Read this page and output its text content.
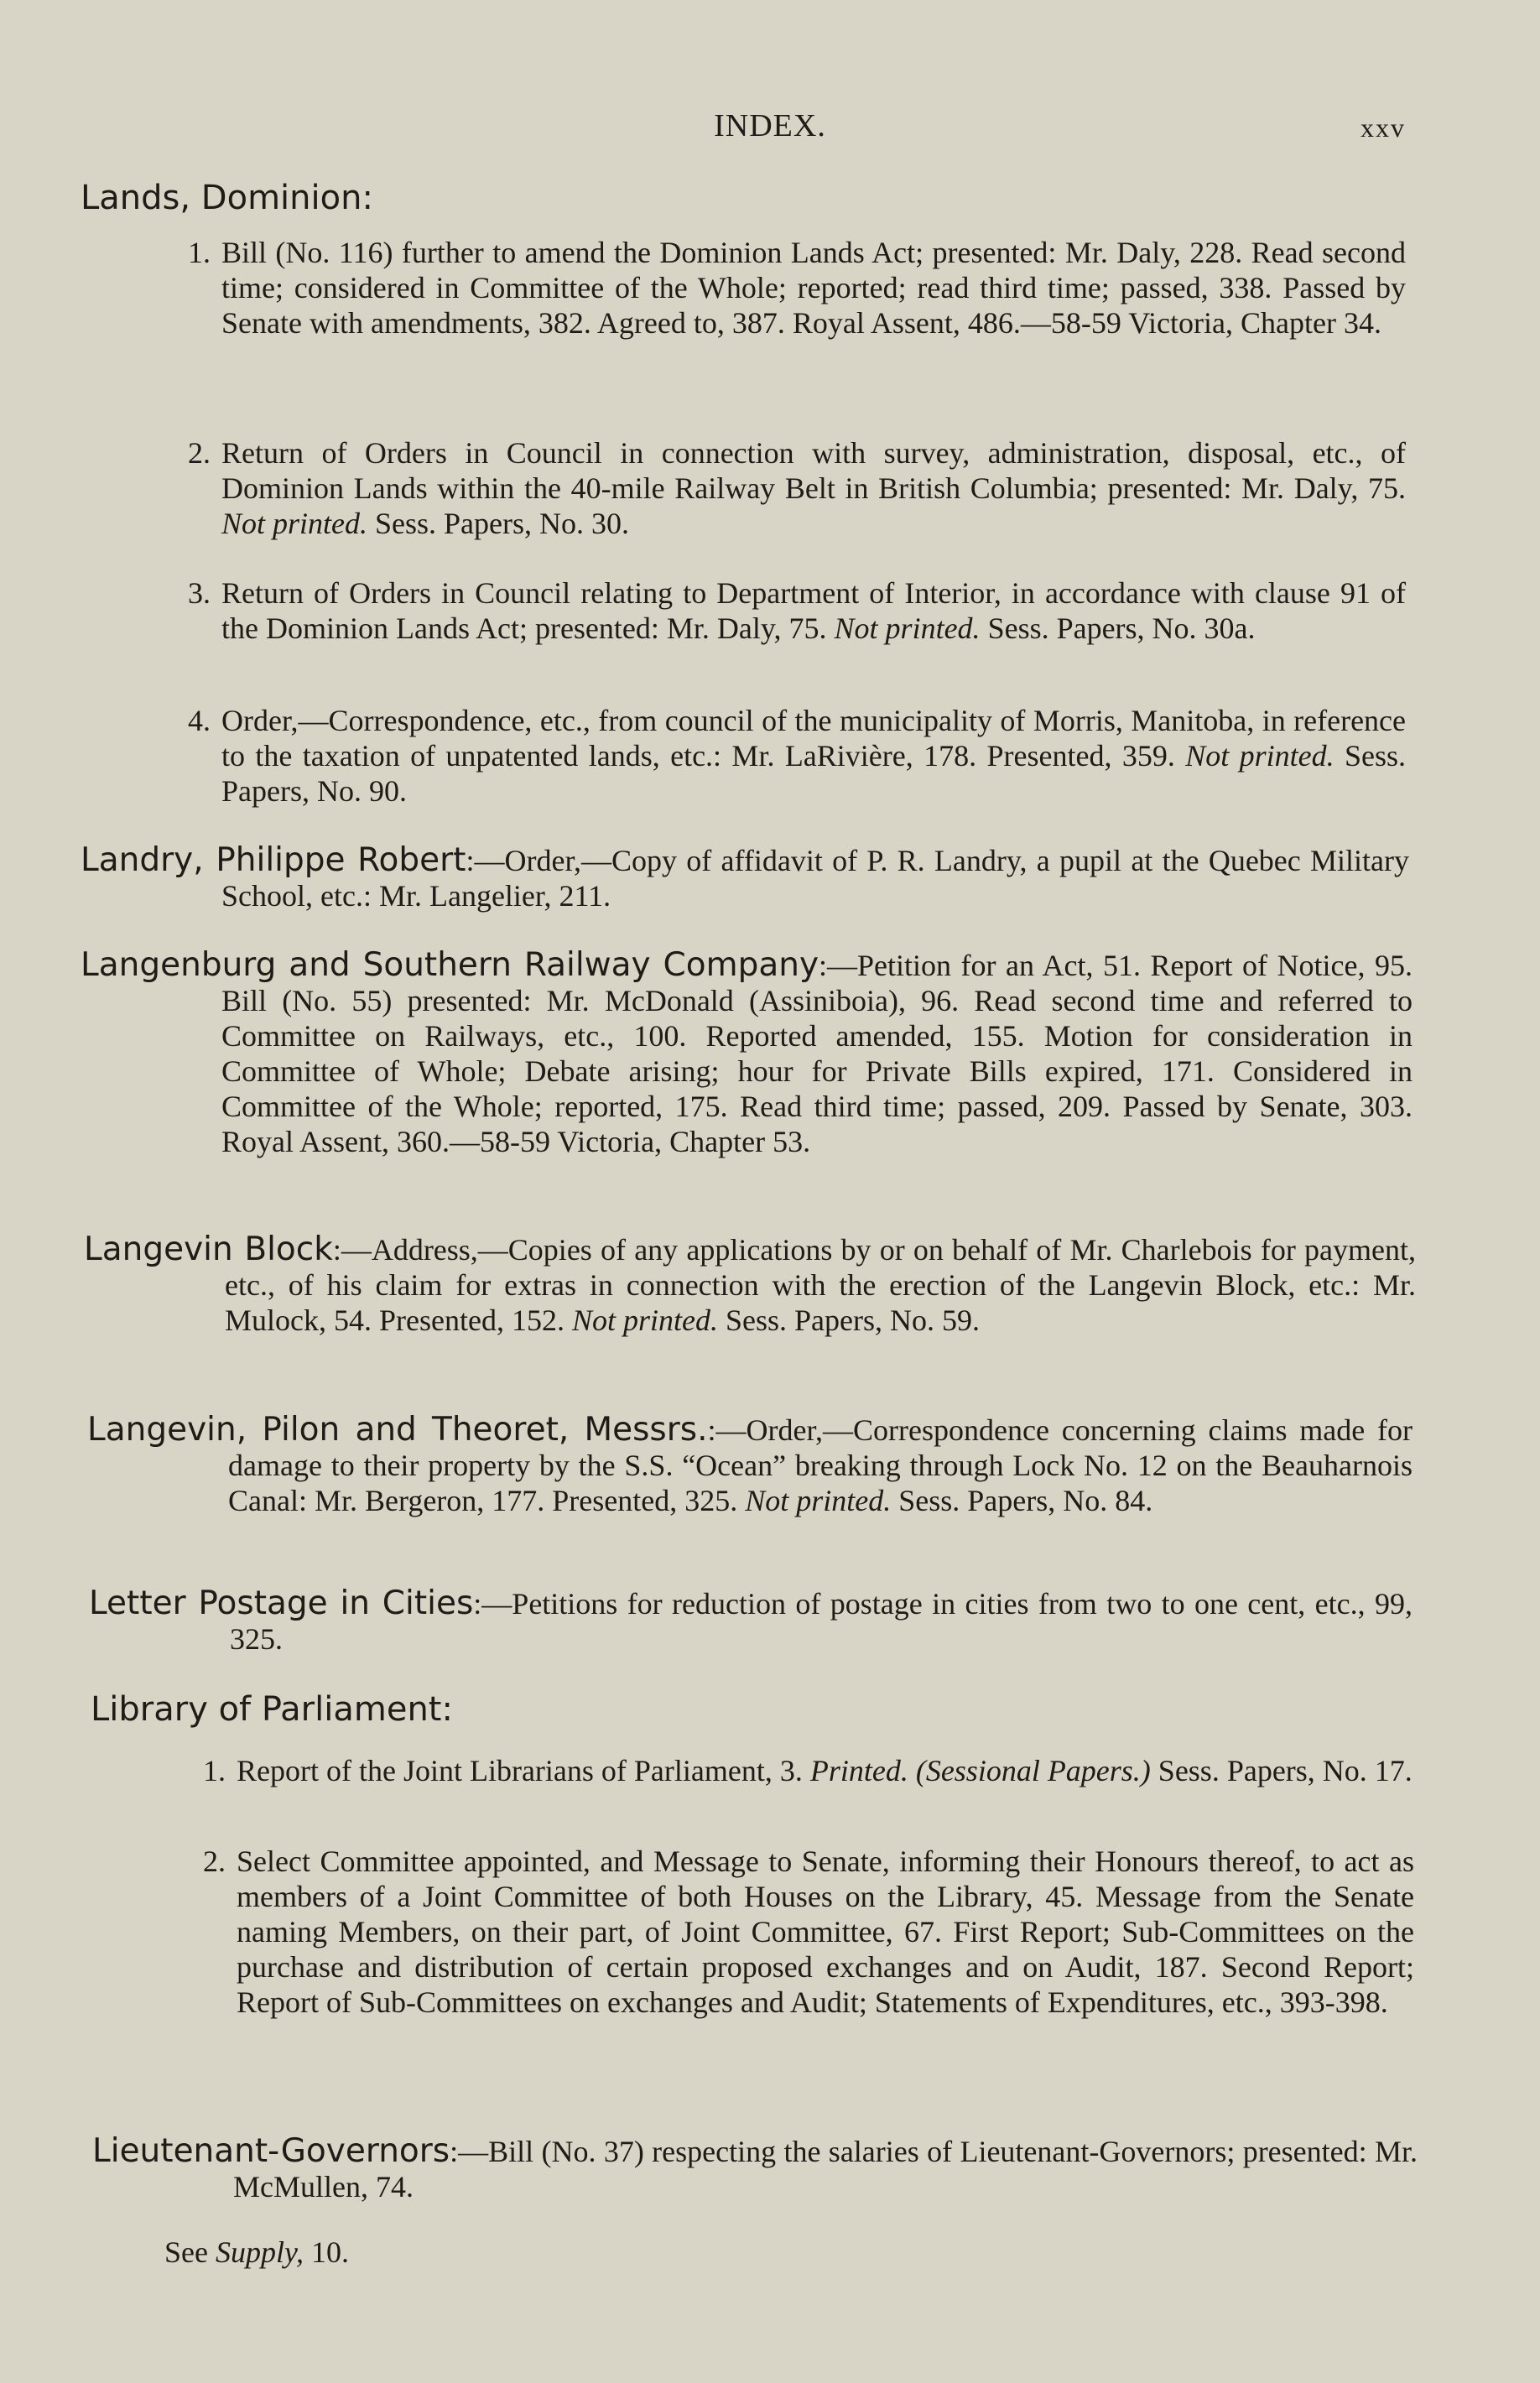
INDEX.	xxv
Lands, Dominion:
1. Bill (No. 116) further to amend the Dominion Lands Act; presented: Mr. Daly, 228. Read second time; considered in Committee of the Whole; reported; read third time; passed, 338. Passed by Senate with amendments, 382. Agreed to, 387. Royal Assent, 486.—58-59 Victoria, Chapter 34.
2. Return of Orders in Council in connection with survey, administration, disposal, etc., of Dominion Lands within the 40-mile Railway Belt in British Columbia; presented: Mr. Daly, 75. Not printed. Sess. Papers, No. 30.
3. Return of Orders in Council relating to Department of Interior, in accordance with clause 91 of the Dominion Lands Act; presented: Mr. Daly, 75. Not printed. Sess. Papers, No. 30a.
4. Order,—Correspondence, etc., from council of the municipality of Morris, Manitoba, in reference to the taxation of unpatented lands, etc.: Mr. LaRivière, 178. Presented, 359. Not printed. Sess. Papers, No. 90.
Landry, Philippe Robert:—Order,—Copy of affidavit of P. R. Landry, a pupil at the Quebec Military School, etc.: Mr. Langelier, 211.
Langenburg and Southern Railway Company:—Petition for an Act, 51. Report of Notice, 95. Bill (No. 55) presented: Mr. McDonald (Assiniboia), 96. Read second time and referred to Committee on Railways, etc., 100. Reported amended, 155. Motion for consideration in Committee of Whole; Debate arising; hour for Private Bills expired, 171. Considered in Committee of the Whole; reported, 175. Read third time; passed, 209. Passed by Senate, 303. Royal Assent, 360.—58-59 Victoria, Chapter 53.
Langevin Block:—Address,—Copies of any applications by or on behalf of Mr. Charlebois for payment, etc., of his claim for extras in connection with the erection of the Langevin Block, etc.: Mr. Mulock, 54. Presented, 152. Not printed. Sess. Papers, No. 59.
Langevin, Pilon and Theoret, Messrs.:—Order,—Correspondence concerning claims made for damage to their property by the S.S. “Ocean” breaking through Lock No. 12 on the Beauharnois Canal: Mr. Bergeron, 177. Presented, 325. Not printed. Sess. Papers, No. 84.
Letter Postage in Cities:—Petitions for reduction of postage in cities from two to one cent, etc., 99, 325.
Library of Parliament:
1. Report of the Joint Librarians of Parliament, 3. Printed. (Sessional Papers.) Sess. Papers, No. 17.
2. Select Committee appointed, and Message to Senate, informing their Honours thereof, to act as members of a Joint Committee of both Houses on the Library, 45. Message from the Senate naming Members, on their part, of Joint Committee, 67. First Report; Sub-Committees on the purchase and distribution of certain proposed exchanges and on Audit, 187. Second Report; Report of Sub-Committees on exchanges and Audit; Statements of Expenditures, etc., 393-398.
Lieutenant-Governors:—Bill (No. 37) respecting the salaries of Lieutenant-Governors; presented: Mr. McMullen, 74.
See Supply, 10.
